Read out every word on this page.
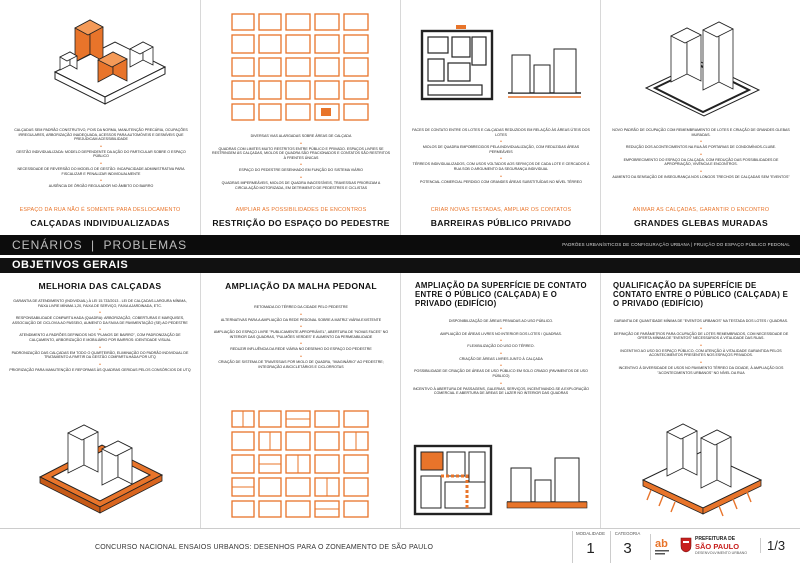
CALÇADAS SEM PADRÃO CONSTRUTIVO, POIS DA NORMA, MANUTENÇÃO PRECÁRIA, OCUPAÇÕES IRREGULARES, ARBORIZAÇÃO INADEQUADA, ACESSOS PARA AUTOMÓVEIS E DESNÍVEIS QUE PREJUDICAM ACESSIBILIDADE

•

GESTÃO INDIVIDUALIZADA: MODELO DEPENDENTE DA AÇÃO DO PARTICULAR SOBRE O ESPAÇO PÚBLICO

•

NECESSIDADE DE REVERSÃO DO MODELO DE GESTÃO: INCAPACIDADE ADMINISTRATIVA PARA FISCALIZAR E PENALIZAR INDIVIDUALMENTE

•

AUSÊNCIA DE ÓRGÃO REGULADOR NO ÂMBITO DO BAIRRO

ESPAÇO DA RUA NÃO É SOMENTE PARA DESLOCAMENTO
CALÇADAS INDIVIDUALIZADAS

DIVERSAS VIAS ALARGADAS SOBRE ÁREAS DE CALÇADA

•

QUADRAS COM LIMITES MUITO RESTRITOS ENTRE PÚBLICO E PRIVADO. ESPAÇOS LIVRES SE RESTRINGEM ÀS CALÇADAS, MIOLOS DE QUADRA SÃO FRACIONADOS E CONTATOS SÃO RESTRITOS À FRENTES ÚNICAS

•

ESPAÇO DO PEDESTRE DESENHADO EM FUNÇÃO DO SISTEMA VIÁRIO

•

QUADRAS IMPERMEÁVEIS, MIOLOS DE QUADRA INACESSÍVEIS, TRAVESSIAS PRIORIZAM A CIRCULAÇÃO MOTORIZADA, EM DETRIMENTO DE PEDESTRES E CICLISTAS

AMPLIAR AS POSSIBILIDADES DE ENCONTROS
RESTRIÇÃO DO ESPAÇO DO PEDESTRE

FACES DE CONTATO ENTRE OS LOTES E CALÇADAS REDUZIDOS EM RELAÇÃO ÀS ÁREAS ÚTEIS DOS LOTES

•

MIOLOS DE QUADRA EMPOBRECIDOS PELA INDIVIDUALIZAÇÃO, COM REDUZIDAS ÁREAS PERMEÁVEIS

•

TÉRREOS INDIVIDUALIZADOS, COM USOS VOLTADOS AOS SERVIÇOS DE CADA LOTE E CERCADOS À RUA SOB O ARGUMENTO DA SEGURANÇA INDIVIDUAL

•

POTENCIAL COMERCIAL PERDIDO COM GRANDES ÁREAS SUBSTITUÍDAS NO NÍVEL TÉRREO

CRIAR NOVAS TESTADAS, AMPLIAR OS CONTATOS
BARREIRAS PÚBLICO PRIVADO

NOVO PADRÃO DE OCUPAÇÃO COM REMEMBRAMENTO DE LOTES E CRIAÇÃO DE GRANDES GLEBAS MURADAS.

•

REDUÇÃO DOS ACONTECIMENTOS NA RUA ÀS PORTARIAS DE CONDOMÍNIOS-CLUBE.

•

EMPOBRECIMENTO DO ESPAÇO DA CALÇADA, COM REDUÇÃO DAS POSSIBILIDADES DE APROPRIAÇÃO, VIVÊNCIA E ENCONTROS.

•

AUMENTO DA SENSAÇÃO DE INSEGURANÇA NOS LONGOS TRECHOS DE CALÇADAS SEM "EVENTOS"

ANIMAR AS CALÇADAS, GARANTIR O ENCONTRO
GRANDES GLEBAS MURADAS
CENÁRIOS | PROBLEMAS	PADRÕES URBANÍSTICOS DE CONFIGURAÇÃO URBANA | FRUIÇÃO DO ESPAÇO PÚBLICO PEDONAL
OBJETIVOS GERAIS
MELHORIA DAS CALÇADAS

GARANTIA DE ATENDIMENTO (INDIVIDUAL) À LEI 15.733/2013 - LEI DE CALÇADAS-LARGURA MÍNIMA, FAIXA LIVRE MÍNIMA 1,20, FAIXA DE SERVIÇO, FAIXA AJARDINADA, ETC.

•

RESPONSABILIDADE COMPARTILHADA (QUADRA): ARBORIZAÇÃO, COBERTURAS E MARQUISES, ASSOCIAÇÃO DE CICLOVIA AO PASSEIO, AUMENTO DA FAIXA DE PAVIMENTAÇÃO (SE) AO PEDESTRE

•

ATENDIMENTO A PADRÕES DEFINIDOS NOS "PLANOS DE BAIRRO", COM PADRONIZAÇÃO DE CALÇAMENTO, ARBORIZAÇÃO E MOBILIÁRIO POR BAIRROS: IDENTIDADE VISUAL

•

PADRONIZAÇÃO DAS CALÇADAS EM TODO O QUARTEIRÃO, ELIMINAÇÃO DO PADRÃO INDIVIDUAL DE TRATAMENTO A PARTIR DA GESTÃO COMPARTILHADA POR UTQ

•

PRIORIZAÇÃO PARA MANUTENÇÃO E REFORMAS ÀS QUADRAS GERIDAS PELOS CONSÓRCIOS DE UTQ

AMPLIAÇÃO DA MALHA PEDONAL

RETOMADA DO TÉRREO DA CIDADE PELO PEDESTRE

•

ALTERNATIVAS PARA A AMPLIAÇÃO DA REDE PEDONAL SOBRE A MATRIZ VIÁRIA EXISTENTE

•

AMPLIAÇÃO DO ESPAÇO LIVRE "PUBLICAMENTE APROPRIÁVEL", ABERTURA DE "NOVAS FACES" NO INTERIOR DAS QUADRAS, "PULMÕES VERDES" E AUMENTO DA PERMEABILIDADE

•

REDUZIR INFLUÊNCIA DA REDE VIÁRIA NO DESENHO DO ESPAÇO DO PEDESTRE

•

CRIAÇÃO DE SISTEMA DE TRAVESSIAS POR MIOLO DE QUADRA, "IMAGINÁRIO" AO PEDESTRE; INTEGRAÇÃO A BICICLETÁRIOS E CICLORROTAS

AMPLIAÇÃO DA SUPERFÍCIE DE CONTATO ENTRE O PÚBLICO (CALÇADA) E O PRIVADO (EDIFÍCIO)

DISPONIBILIZAÇÃO DE ÁREAS PRIVADAS AO USO PÚBLICO.

•

AMPLIAÇÃO DE ÁREAS LIVRES NO INTERIOR DOS LOTES / QUADRAS.

•

FLEXIBILIZAÇÃO DO USO DO TÉRREO.

•

CRIAÇÃO DE ÁREAS LIVRES JUNTO À CALÇADA

•

POSSIBILIDADE DE CRIAÇÃO DE ÁREAS DE USO PÚBLICO EM SOLO CRIADO (PAVIMENTOS DE USO PÚBLICO)

•

INCENTIVO À ABERTURA DE PASSAGENS, GALERIAS, SERVIÇOS, INCENTIVANDO-SE A EXPLORAÇÃO COMERCIAL E ABERTURA DE ÁREAS DE LAZER NO INTERIOR DAS QUADRAS

QUALIFICAÇÃO DA SUPERFÍCIE DE CONTATO ENTRE O PÚBLICO (CALÇADA) E O PRIVADO (EDIFÍCIO)

GARANTIA DE QUANTIDADE MÍNIMA DE "EVENTOS URBANOS" NA TESTADA DOS LOTES / QUADRAS.

•

DEFINIÇÃO DE PARÂMETROS PARA OCUPAÇÃO DE LOTES REMEMBRADOS, COM NECESSIDADE DE OFERTA MÍNIMA DE "EVENTOS" NECESSÁRIOS À VITALIDADE DAS RUAS.

•

INCENTIVO AO USO DO ESPAÇO PÚBLICO, COM ATENÇÃO À VITALIDADE GARANTIDA PELOS ACONTECIMENTOS PRESENTES NOS ESPAÇOS PRIVADOS.

•

INCENTIVO À DIVERSIDADE DE USOS NO PAVIMENTO TÉRREO DA CIDADE, À AMPLIAÇÃO DOS "ACONTECIMENTOS URBANOS" NO NÍVEL DA RUA

CONCURSO NACIONAL ENSAIOS URBANOS: DESENHOS PARA O ZONEAMENTO DE SÃO PAULO
MODALIDADE
1
CATEGORIA
3	ab	PREFEITURA DE
SÃO PAULO
DESENVOLVIMENTO URBANO	1/3
